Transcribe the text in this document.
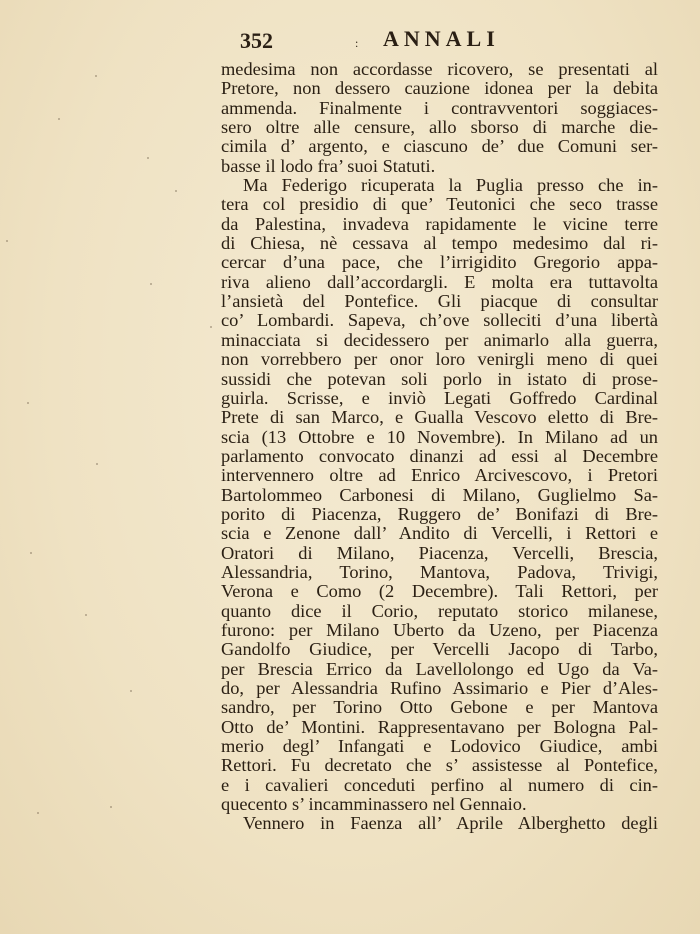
352	: ANNALI
medesima non accordasse ricovero, se presentati al
Pretore, non dessero cauzione idonea per la debita
ammenda. Finalmente i contravventori soggiaces-
sero oltre alle censure, allo sborso di marche die-
cimila d’ argento, e ciascuno de’ due Comuni ser-
basse il lodo fra’ suoi Statuti.
Ma Federigo ricuperata la Puglia presso che in-
tera col presidio di que’ Teutonici che seco trasse
da Palestina, invadeva rapidamente le vicine terre
di Chiesa, nè cessava al tempo medesimo dal ri-
cercar d’una pace, che l’irrigidito Gregorio appa-
riva alieno dall’accordargli. E molta era tuttavolta
l’ansietà del Pontefice. Gli piacque di consultar
co’ Lombardi. Sapeva, ch’ove solleciti d’una libertà
minacciata si decidessero per animarlo alla guerra,
non vorrebbero per onor loro venirgli meno di quei
sussidi che potevan soli porlo in istato di prose-
guirla. Scrisse, e inviò Legati Goffredo Cardinal
Prete di san Marco, e Gualla Vescovo eletto di Bre-
scia (13 Ottobre e 10 Novembre). In Milano ad un
parlamento convocato dinanzi ad essi al Decembre
intervennero oltre ad Enrico Arcivescovo, i Pretori
Bartolommeo Carbonesi di Milano, Guglielmo Sa-
porito di Piacenza, Ruggero de’ Bonifazi di Bre-
scia e Zenone dall’ Andito di Vercelli, i Rettori e
Oratori di Milano, Piacenza, Vercelli, Brescia,
Alessandria, Torino, Mantova, Padova, Trivigi,
Verona e Como (2 Decembre). Tali Rettori, per
quanto dice il Corio, reputato storico milanese,
furono: per Milano Uberto da Uzeno, per Piacenza
Gandolfo Giudice, per Vercelli Jacopo di Tarbo,
per Brescia Errico da Lavellolongo ed Ugo da Va-
do, per Alessandria Rufino Assimario e Pier d’Ales-
sandro, per Torino Otto Gebone e per Mantova
Otto de’ Montini. Rappresentavano per Bologna Pal-
merio degl’ Infangati e Lodovico Giudice, ambi
Rettori. Fu decretato che s’ assistesse al Pontefice,
e i cavalieri conceduti perfino al numero di cin-
quecento s’ incamminassero nel Gennaio.
Vennero in Faenza all’ Aprile Alberghetto degli
